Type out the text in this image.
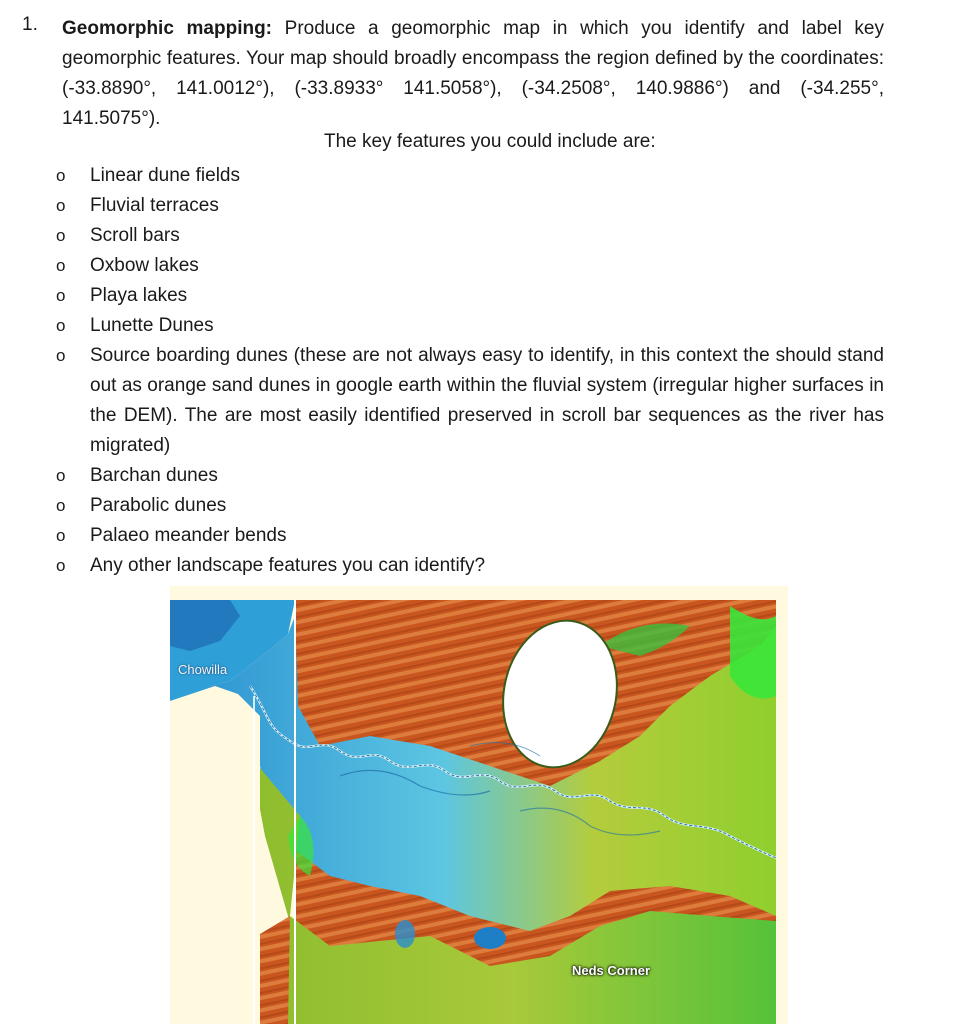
1. Geomorphic mapping: Produce a geomorphic map in which you identify and label key geomorphic features. Your map should broadly encompass the region defined by the coordinates: (-33.8890°, 141.0012°), (-33.8933° 141.5058°), (-34.2508°, 140.9886°) and (-34.255°, 141.5075°).
The key features you could include are:
o Linear dune fields
o Fluvial terraces
o Scroll bars
o Oxbow lakes
o Playa lakes
o Lunette Dunes
o Source boarding dunes (these are not always easy to identify, in this context the should stand out as orange sand dunes in google earth within the fluvial system (irregular higher surfaces in the DEM). The are most easily identified preserved in scroll bar sequences as the river has migrated)
o Barchan dunes
o Parabolic dunes
o Palaeo meander bends
o Any other landscape features you can identify?
Chowilla
Neds Corner
